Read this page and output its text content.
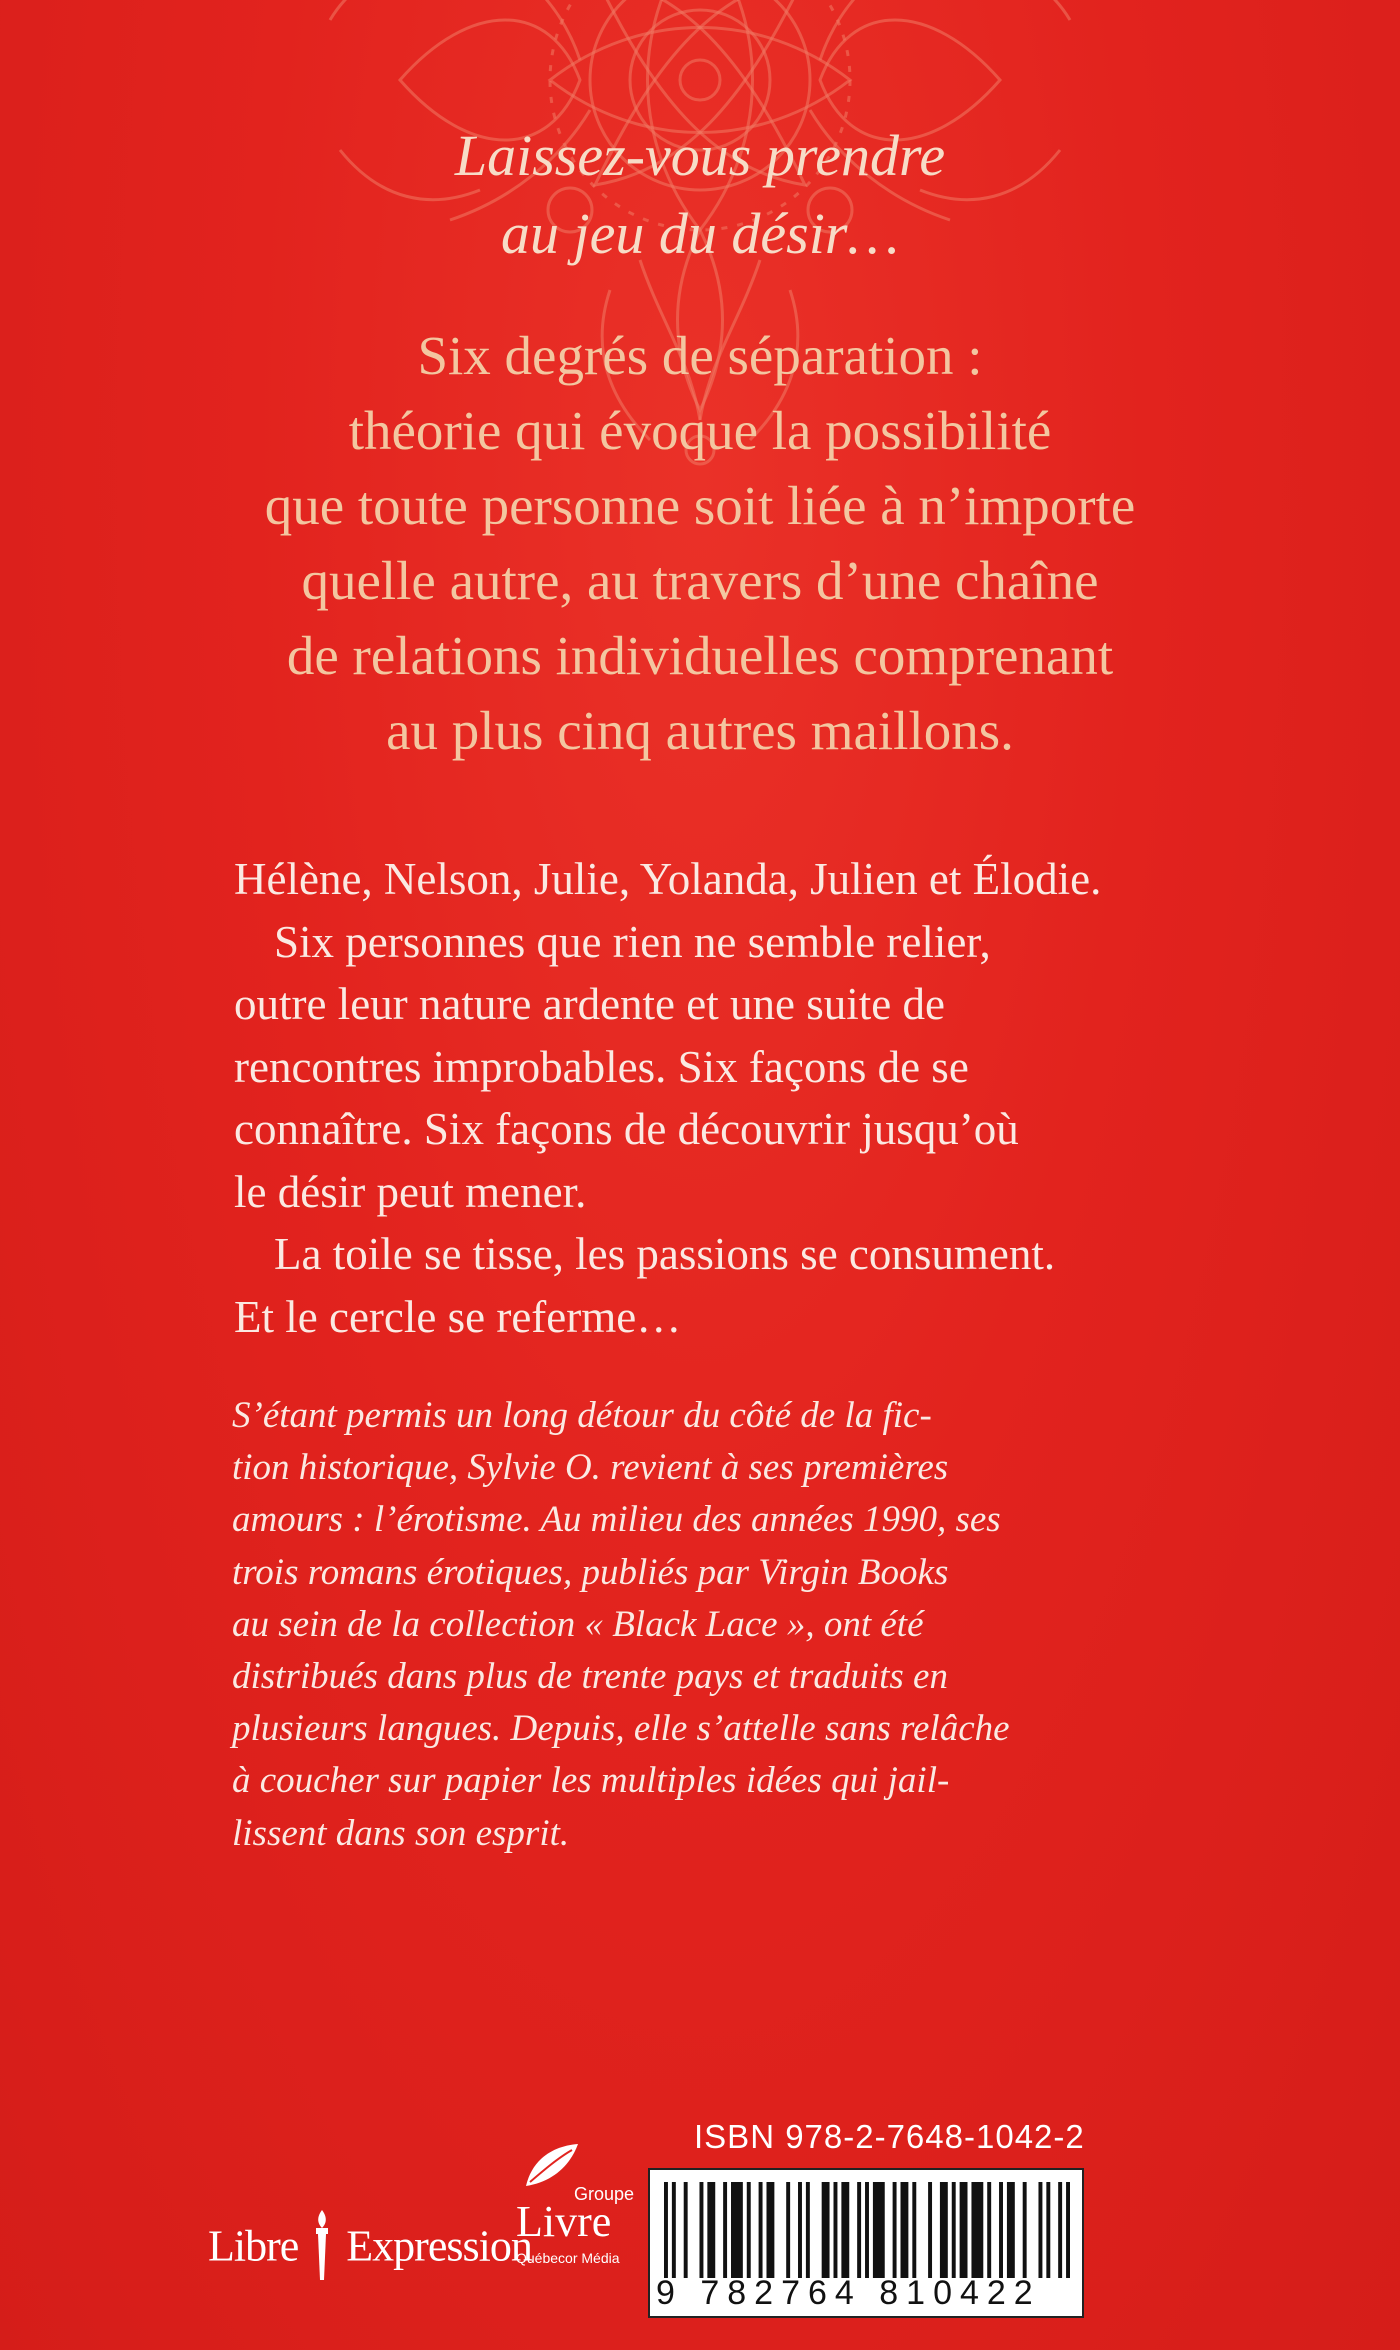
Laissez-vous prendre
au jeu du désir…
Six degrés de séparation :
théorie qui évoque la possibilité
que toute personne soit liée à n’importe
quelle autre, au travers d’une chaîne
de relations individuelles comprenant
au plus cinq autres maillons.
Hélène, Nelson, Julie, Yolanda, Julien et Élodie.
Six personnes que rien ne semble relier,
outre leur nature ardente et une suite de
rencontres improbables. Six façons de se
connaître. Six façons de découvrir jusqu’où
le désir peut mener.
La toile se tisse, les passions se consument.
Et le cercle se referme…
S’étant permis un long détour du côté de la fic-
tion historique, Sylvie O. revient à ses premières
amours : l’érotisme. Au milieu des années 1990, ses
trois romans érotiques, publiés par Virgin Books
au sein de la collection « Black Lace », ont été
distribués dans plus de trente pays et traduits en
plusieurs langues. Depuis, elle s’attelle sans relâche
à coucher sur papier les multiples idées qui jail-
lissent dans son esprit.
Libre Expression
Groupe
Livre
Québecor Média
ISBN 978-2-7648-1042-2
9 782764 810422
